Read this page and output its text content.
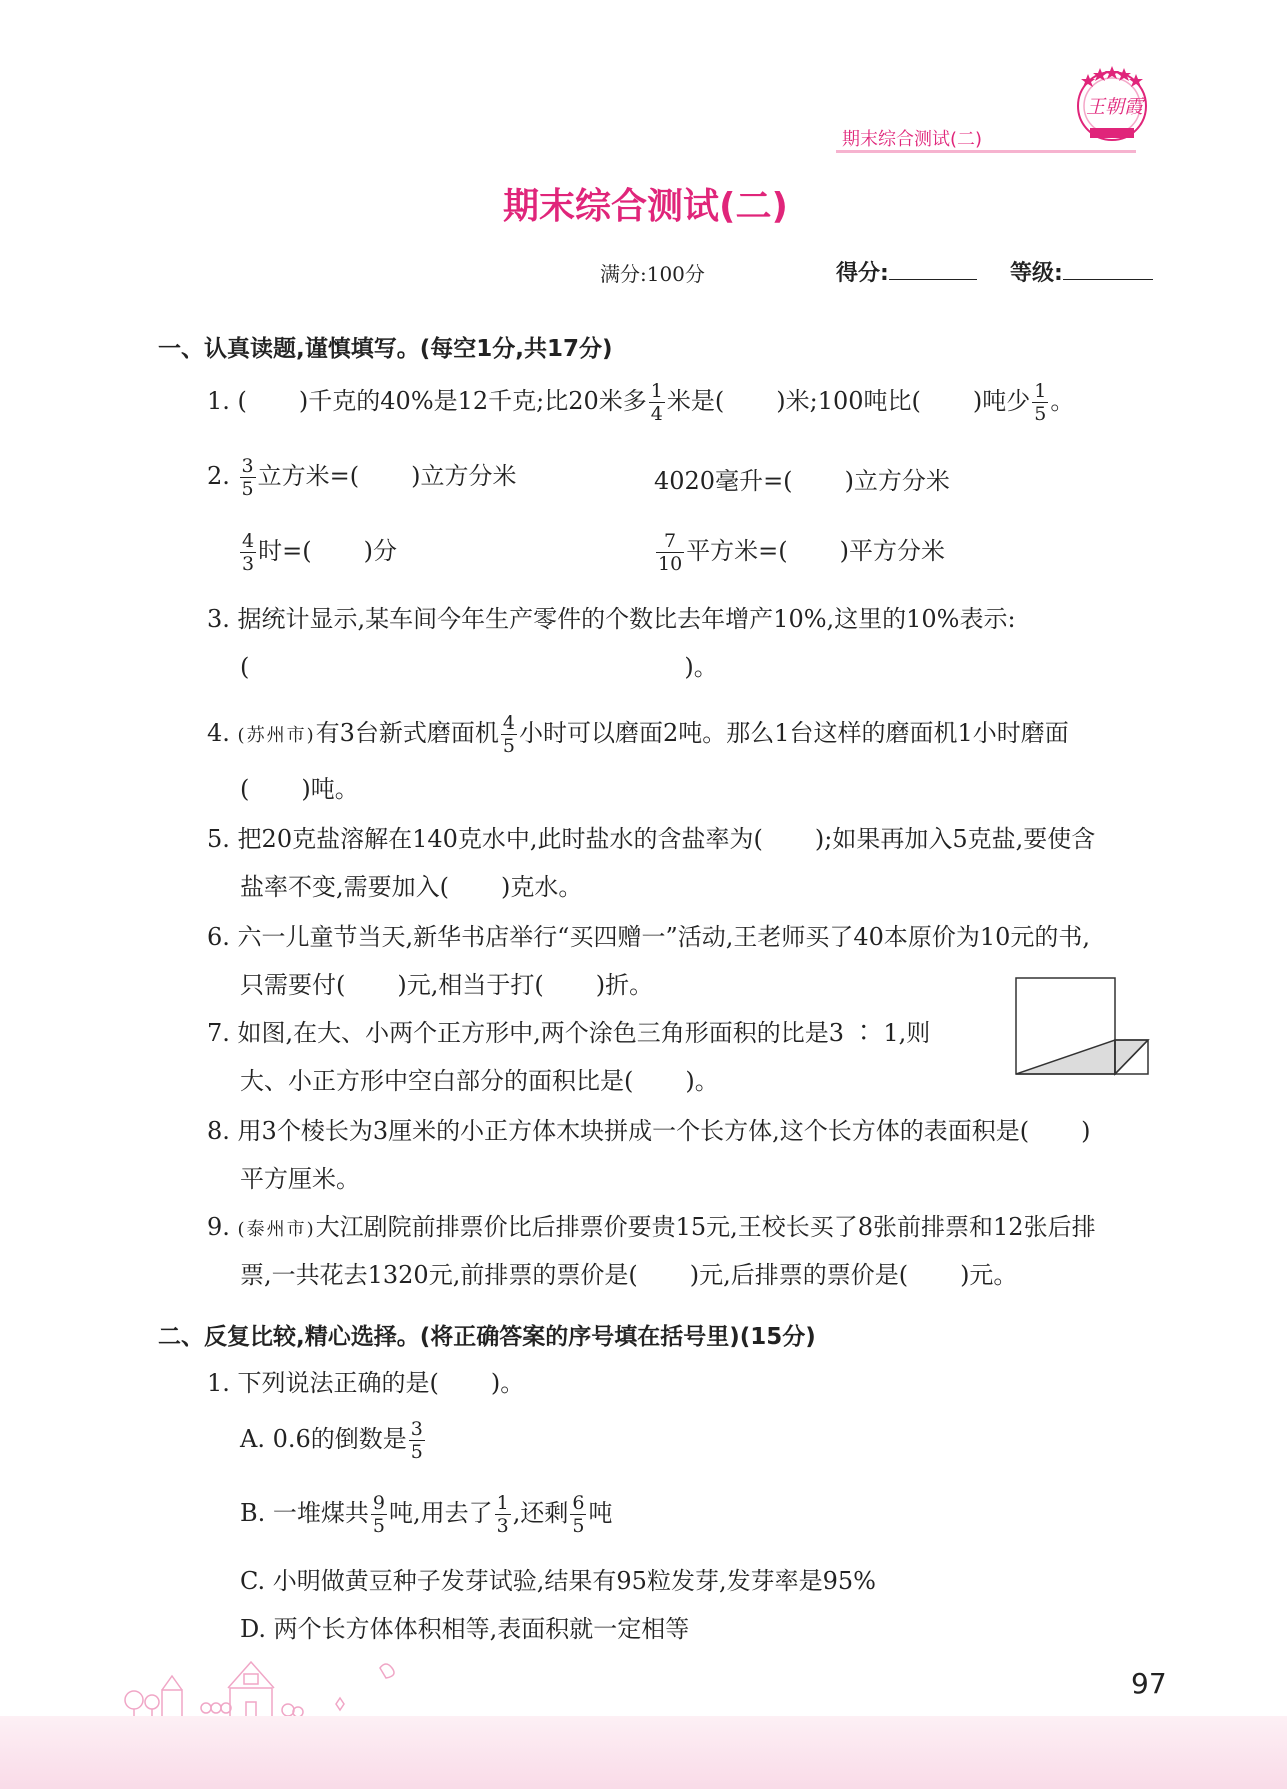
王朝霞
期末综合测试(二)
期末综合测试(二)
满分:100分	得分:	等级:
一、认真读题,谨慎填写。(每空1分,共17分)
1. ( )千克的40%是12千克;比20米多 $\frac{1}{4}$ 米是( )米;100吨比( )吨少 $\frac{1}{5}$ 。
2. $\frac{3}{5}$ 立方米=( )立方分米	4020毫升=( )立方分米
$\frac{4}{3}$ 时=( )分	$\frac{7}{10}$ 平方米=( )平方分米
3. 据统计显示,某车间今年生产零件的个数比去年增产10%,这里的10%表示:
(	)。
4. (苏州市)有3台新式磨面机 $\frac{4}{5}$ 小时可以磨面2吨。那么1台这样的磨面机1小时磨面
( )吨。
5. 把20克盐溶解在140克水中,此时盐水的含盐率为( );如果再加入5克盐,要使含
盐率不变,需要加入( )克水。
6. 六一儿童节当天,新华书店举行“买四赠一”活动,王老师买了40本原价为10元的书,
只需要付( )元,相当于打( )折。
7. 如图,在大、小两个正方形中,两个涂色三角形面积的比是3 ∶ 1,则
大、小正方形中空白部分的面积比是( )。
8. 用3个棱长为3厘米的小正方体木块拼成一个长方体,这个长方体的表面积是( )
平方厘米。
9. (泰州市)大江剧院前排票价比后排票价要贵15元,王校长买了8张前排票和12张后排
票,一共花去1320元,前排票的票价是( )元,后排票的票价是( )元。
二、反复比较,精心选择。(将正确答案的序号填在括号里)(15分)
1. 下列说法正确的是( )。
A. 0.6的倒数是 $\frac{3}{5}$
B. 一堆煤共 $\frac{9}{5}$ 吨,用去了 $\frac{1}{3}$ ,还剩 $\frac{6}{5}$ 吨
C. 小明做黄豆种子发芽试验,结果有95粒发芽,发芽率是95%
D. 两个长方体体积相等,表面积就一定相等
97
